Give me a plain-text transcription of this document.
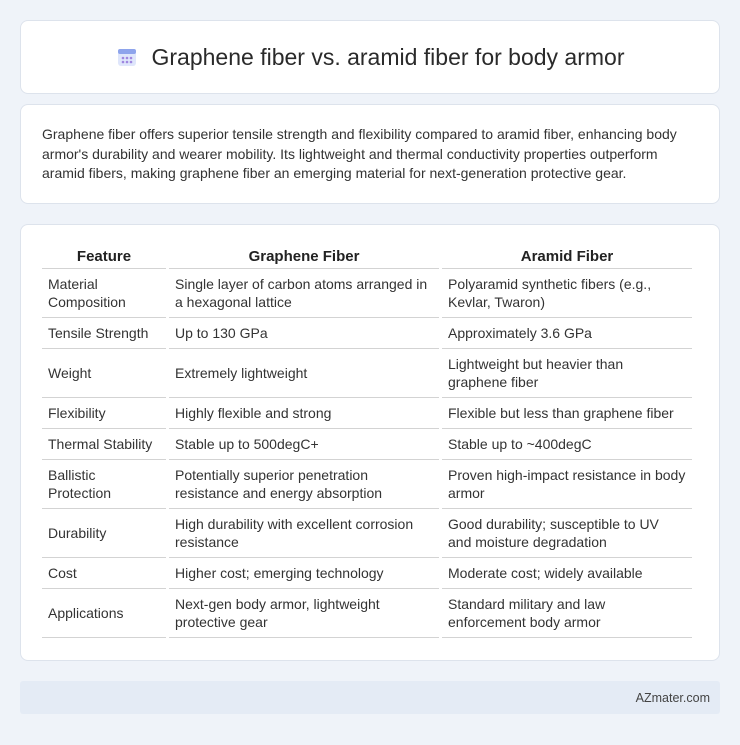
Graphene fiber vs. aramid fiber for body armor

Graphene fiber offers superior tensile strength and flexibility compared to aramid fiber, enhancing body armor's durability and wearer mobility. Its lightweight and thermal conductivity properties outperform aramid fibers, making graphene fiber an emerging material for next-generation protective gear.

Feature	Graphene Fiber	Aramid Fiber
Material Composition	Single layer of carbon atoms arranged in a hexagonal lattice	Polyaramid synthetic fibers (e.g., Kevlar, Twaron)
Tensile Strength	Up to 130 GPa	Approximately 3.6 GPa
Weight	Extremely lightweight	Lightweight but heavier than graphene fiber
Flexibility	Highly flexible and strong	Flexible but less than graphene fiber
Thermal Stability	Stable up to 500degC+	Stable up to ~400degC
Ballistic Protection	Potentially superior penetration resistance and energy absorption	Proven high-impact resistance in body armor
Durability	High durability with excellent corrosion resistance	Good durability; susceptible to UV and moisture degradation
Cost	Higher cost; emerging technology	Moderate cost; widely available
Applications	Next-gen body armor, lightweight protective gear	Standard military and law enforcement body armor
AZmater.com
